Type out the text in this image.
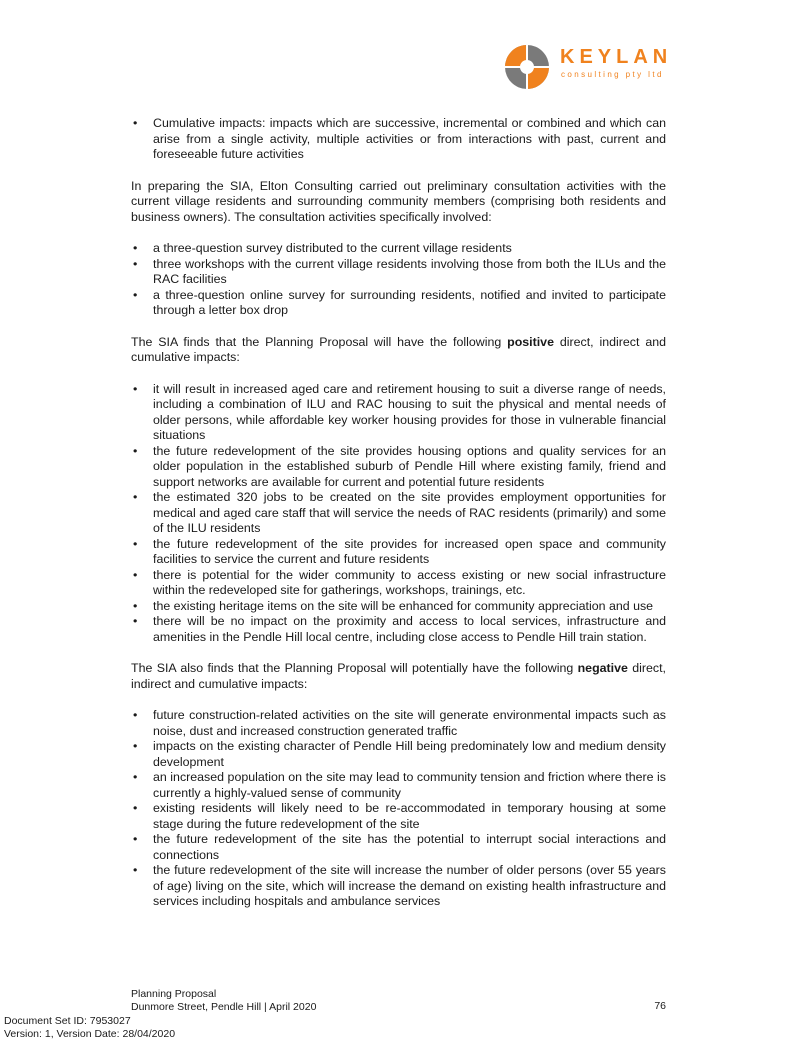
KEYLAN
consulting pty ltd
• Cumulative impacts: impacts which are successive, incremental or combined and which can arise from a single activity, multiple activities or from interactions with past, current and foreseeable future activities

In preparing the SIA, Elton Consulting carried out preliminary consultation activities with the current village residents and surrounding community members (comprising both residents and business owners). The consultation activities specifically involved:

• a three-question survey distributed to the current village residents
• three workshops with the current village residents involving those from both the ILUs and the RAC facilities
• a three-question online survey for surrounding residents, notified and invited to participate through a letter box drop

The SIA finds that the Planning Proposal will have the following positive direct, indirect and cumulative impacts:

• it will result in increased aged care and retirement housing to suit a diverse range of needs, including a combination of ILU and RAC housing to suit the physical and mental needs of older persons, while affordable key worker housing provides for those in vulnerable financial situations
• the future redevelopment of the site provides housing options and quality services for an older population in the established suburb of Pendle Hill where existing family, friend and support networks are available for current and potential future residents
• the estimated 320 jobs to be created on the site provides employment opportunities for medical and aged care staff that will service the needs of RAC residents (primarily) and some of the ILU residents
• the future redevelopment of the site provides for increased open space and community facilities to service the current and future residents
• there is potential for the wider community to access existing or new social infrastructure within the redeveloped site for gatherings, workshops, trainings, etc.
• the existing heritage items on the site will be enhanced for community appreciation and use
• there will be no impact on the proximity and access to local services, infrastructure and amenities in the Pendle Hill local centre, including close access to Pendle Hill train station.

The SIA also finds that the Planning Proposal will potentially have the following negative direct, indirect and cumulative impacts:

• future construction-related activities on the site will generate environmental impacts such as noise, dust and increased construction generated traffic
• impacts on the existing character of Pendle Hill being predominately low and medium density development
• an increased population on the site may lead to community tension and friction where there is currently a highly-valued sense of community
• existing residents will likely need to be re-accommodated in temporary housing at some stage during the future redevelopment of the site
• the future redevelopment of the site has the potential to interrupt social interactions and connections
• the future redevelopment of the site will increase the number of older persons (over 55 years of age) living on the site, which will increase the demand on existing health infrastructure and services including hospitals and ambulance services
Planning Proposal
Dunmore Street, Pendle Hill | April 2020	76
Document Set ID: 7953027
Version: 1, Version Date: 28/04/2020
